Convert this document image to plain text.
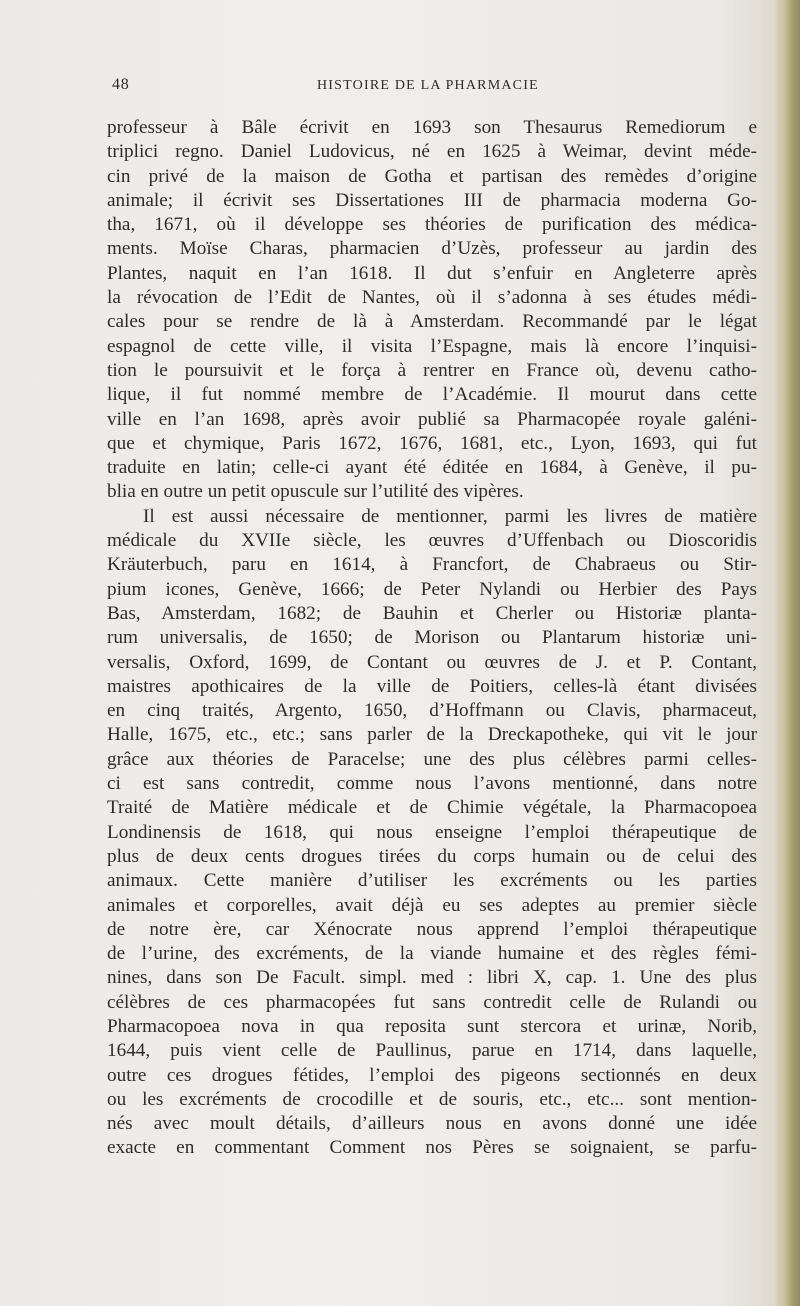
48	HISTOIRE DE LA PHARMACIE
professeur à Bâle écrivit en 1693 son Thesaurus Remediorum e
triplici regno. Daniel Ludovicus, né en 1625 à Weimar, devint méde-
cin privé de la maison de Gotha et partisan des remèdes d’origine
animale; il écrivit ses Dissertationes III de pharmacia moderna Go-
tha, 1671, où il développe ses théories de purification des médica-
ments. Moïse Charas, pharmacien d’Uzès, professeur au jardin des
Plantes, naquit en l’an 1618. Il dut s’enfuir en Angleterre après
la révocation de l’Edit de Nantes, où il s’adonna à ses études médi-
cales pour se rendre de là à Amsterdam. Recommandé par le légat
espagnol de cette ville, il visita l’Espagne, mais là encore l’inquisi-
tion le poursuivit et le força à rentrer en France où, devenu catho-
lique, il fut nommé membre de l’Académie. Il mourut dans cette
ville en l’an 1698, après avoir publié sa Pharmacopée royale galéni-
que et chymique, Paris 1672, 1676, 1681, etc., Lyon, 1693, qui fut
traduite en latin; celle-ci ayant été éditée en 1684, à Genève, il pu-
blia en outre un petit opuscule sur l’utilité des vipères.
Il est aussi nécessaire de mentionner, parmi les livres de matière
médicale du XVIIe siècle, les œuvres d’Uffenbach ou Dioscoridis
Kräuterbuch, paru en 1614, à Francfort, de Chabraeus ou Stir-
pium icones, Genève, 1666; de Peter Nylandi ou Herbier des Pays
Bas, Amsterdam, 1682; de Bauhin et Cherler ou Historiæ planta-
rum universalis, de 1650; de Morison ou Plantarum historiæ uni-
versalis, Oxford, 1699, de Contant ou œuvres de J. et P. Contant,
maistres apothicaires de la ville de Poitiers, celles-là étant divisées
en cinq traités, Argento, 1650, d’Hoffmann ou Clavis, pharmaceut,
Halle, 1675, etc., etc.; sans parler de la Dreckapotheke, qui vit le jour
grâce aux théories de Paracelse; une des plus célèbres parmi celles-
ci est sans contredit, comme nous l’avons mentionné, dans notre
Traité de Matière médicale et de Chimie végétale, la Pharmacopoea
Londinensis de 1618, qui nous enseigne l’emploi thérapeutique de
plus de deux cents drogues tirées du corps humain ou de celui des
animaux. Cette manière d’utiliser les excréments ou les parties
animales et corporelles, avait déjà eu ses adeptes au premier siècle
de notre ère, car Xénocrate nous apprend l’emploi thérapeutique
de l’urine, des excréments, de la viande humaine et des règles fémi-
nines, dans son De Facult. simpl. med : libri X, cap. 1. Une des plus
célèbres de ces pharmacopées fut sans contredit celle de Rulandi ou
Pharmacopoea nova in qua reposita sunt stercora et urinæ, Norib,
1644, puis vient celle de Paullinus, parue en 1714, dans laquelle,
outre ces drogues fétides, l’emploi des pigeons sectionnés en deux
ou les excréments de crocodille et de souris, etc., etc... sont mention-
nés avec moult détails, d’ailleurs nous en avons donné une idée
exacte en commentant Comment nos Pères se soignaient, se parfu-
